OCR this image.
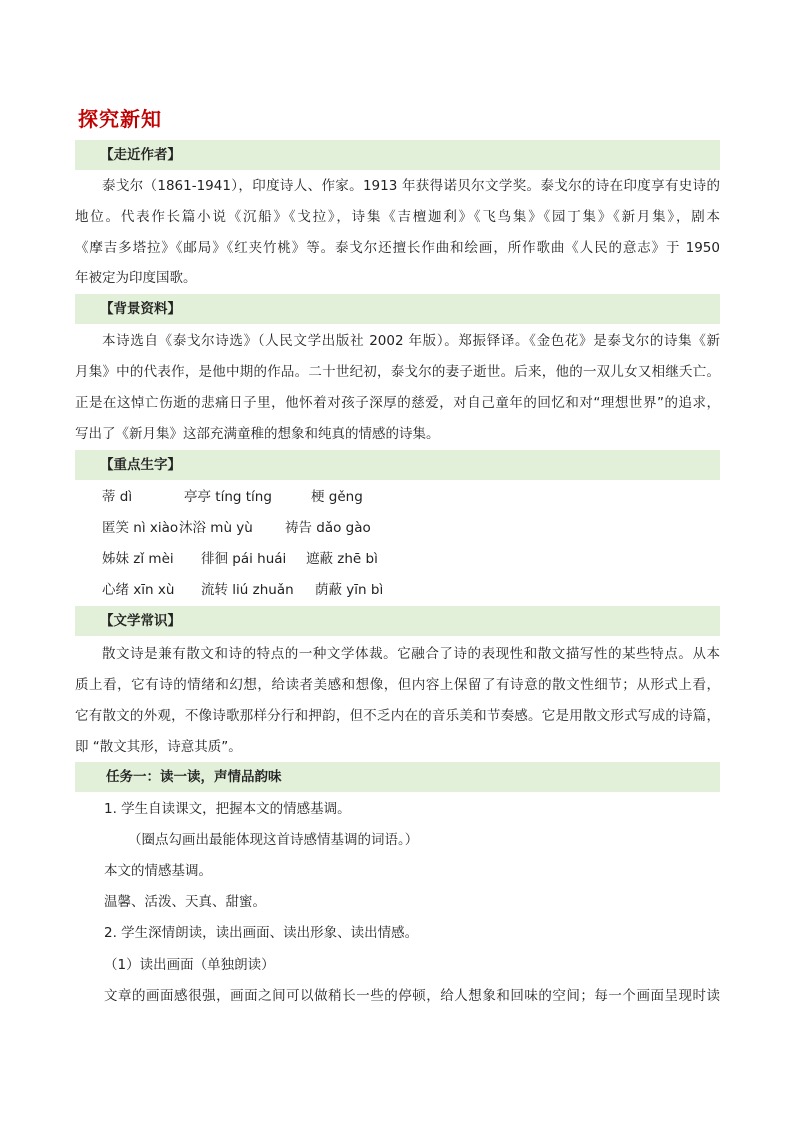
探究新知
【走近作者】
泰戈尔（1861-1941），印度诗人、作家。1913 年获得诺贝尔文学奖。泰戈尔的诗在印度享有史诗的
地位。代表作长篇小说《沉船》《戈拉》，诗集《吉檀迦利》《飞鸟集》《园丁集》《新月集》，剧本
《摩吉多塔拉》《邮局》《红夹竹桃》等。泰戈尔还擅长作曲和绘画，所作歌曲《人民的意志》于 1950
年被定为印度国歌。
【背景资料】
本诗选自《泰戈尔诗选》（人民文学出版社 2002 年版）。郑振铎译。《金色花》是泰戈尔的诗集《新
月集》中的代表作，是他中期的作品。二十世纪初，泰戈尔的妻子逝世。后来，他的一双儿女又相继夭亡。
正是在这悼亡伤逝的悲痛日子里，他怀着对孩子深厚的慈爱，对自己童年的回忆和对“理想世界”的追求，
写出了《新月集》这部充满童稚的想象和纯真的情感的诗集。
【重点生字】
蒂 dì	亭亭 tíng tíng	梗 gěng
匿笑 nì xiào 沐浴 mù yù 祷告 dǎo gào
姊妹 zǐ mèi 徘徊 pái huái 遮蔽 zhē bì
心绪 xīn xù 流转 liú zhuǎn 荫蔽 yīn bì
【文学常识】
散文诗是兼有散文和诗的特点的一种文学体裁。它融合了诗的表现性和散文描写性的某些特点。从本
质上看，它有诗的情绪和幻想，给读者美感和想像，但内容上保留了有诗意的散文性细节；从形式上看，
它有散文的外观，不像诗歌那样分行和押韵，但不乏内在的音乐美和节奏感。它是用散文形式写成的诗篇，
即 “散文其形，诗意其质”。
任务一：读一读，声情品韵味
1. 学生自读课文，把握本文的情感基调。
（圈点勾画出最能体现这首诗感情基调的词语。）
本文的情感基调。
温馨、活泼、天真、甜蜜。
2. 学生深情朗读，读出画面、读出形象、读出情感。
（1）读出画面（单独朗读）
文章的画面感很强，画面之间可以做稍长一些的停顿，给人想象和回味的空间；每一个画面呈现时读
